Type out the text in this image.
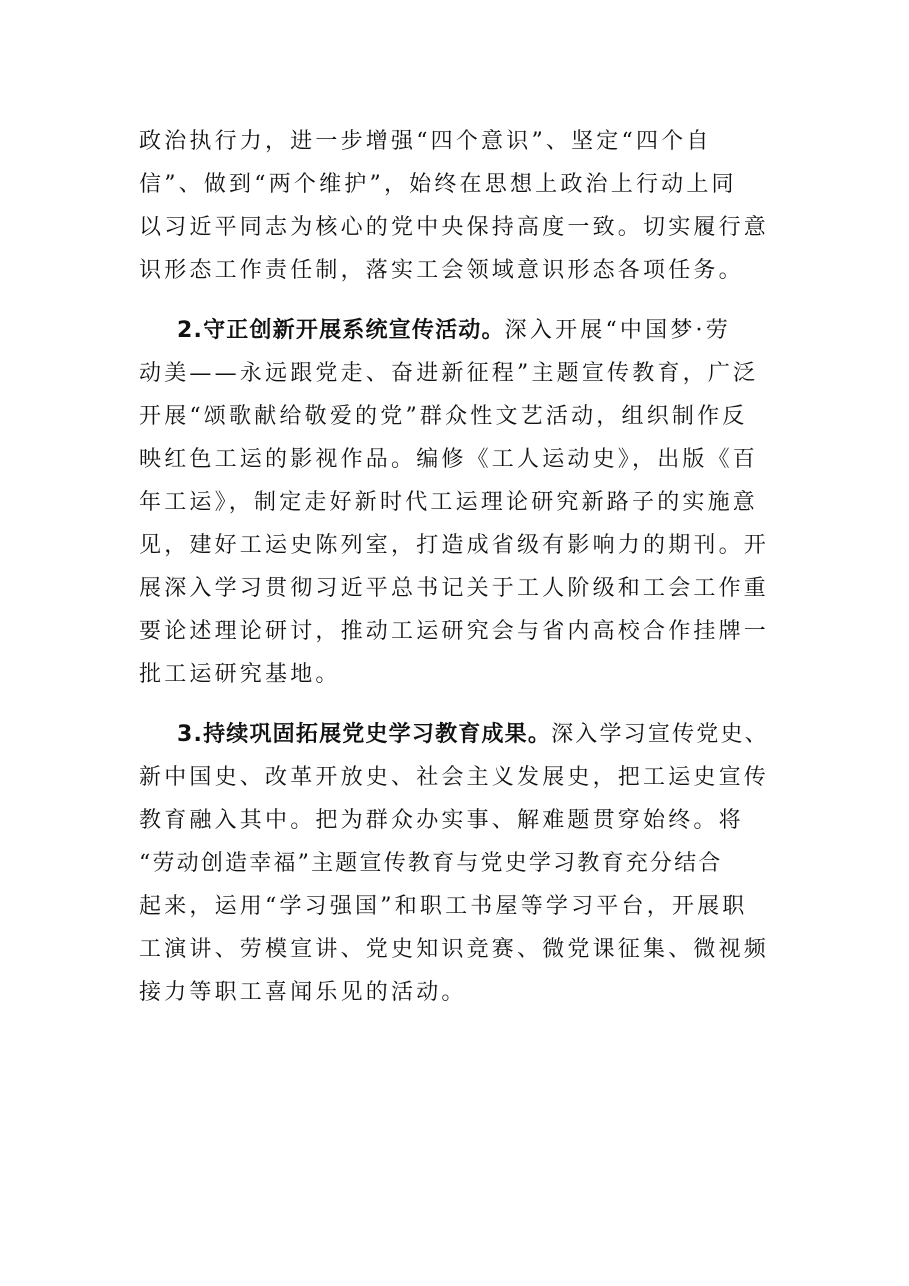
政治执行力，进一步增强“四个意识”、坚定“四个自
信”、做到“两个维护”，始终在思想上政治上行动上同
以习近平同志为核心的党中央保持高度一致。切实履行意
识形态工作责任制，落实工会领域意识形态各项任务。
2.守正创新开展系统宣传活动。深入开展“中国梦·劳
动美——永远跟党走、奋进新征程”主题宣传教育，广泛
开展“颂歌献给敬爱的党”群众性文艺活动，组织制作反
映红色工运的影视作品。编修《工人运动史》，出版《百
年工运》，制定走好新时代工运理论研究新路子的实施意
见，建好工运史陈列室，打造成省级有影响力的期刊。开
展深入学习贯彻习近平总书记关于工人阶级和工会工作重
要论述理论研讨，推动工运研究会与省内高校合作挂牌一
批工运研究基地。
3.持续巩固拓展党史学习教育成果。深入学习宣传党史、
新中国史、改革开放史、社会主义发展史，把工运史宣传
教育融入其中。把为群众办实事、解难题贯穿始终。将
“劳动创造幸福”主题宣传教育与党史学习教育充分结合
起来，运用“学习强国”和职工书屋等学习平台，开展职
工演讲、劳模宣讲、党史知识竞赛、微党课征集、微视频
接力等职工喜闻乐见的活动。
